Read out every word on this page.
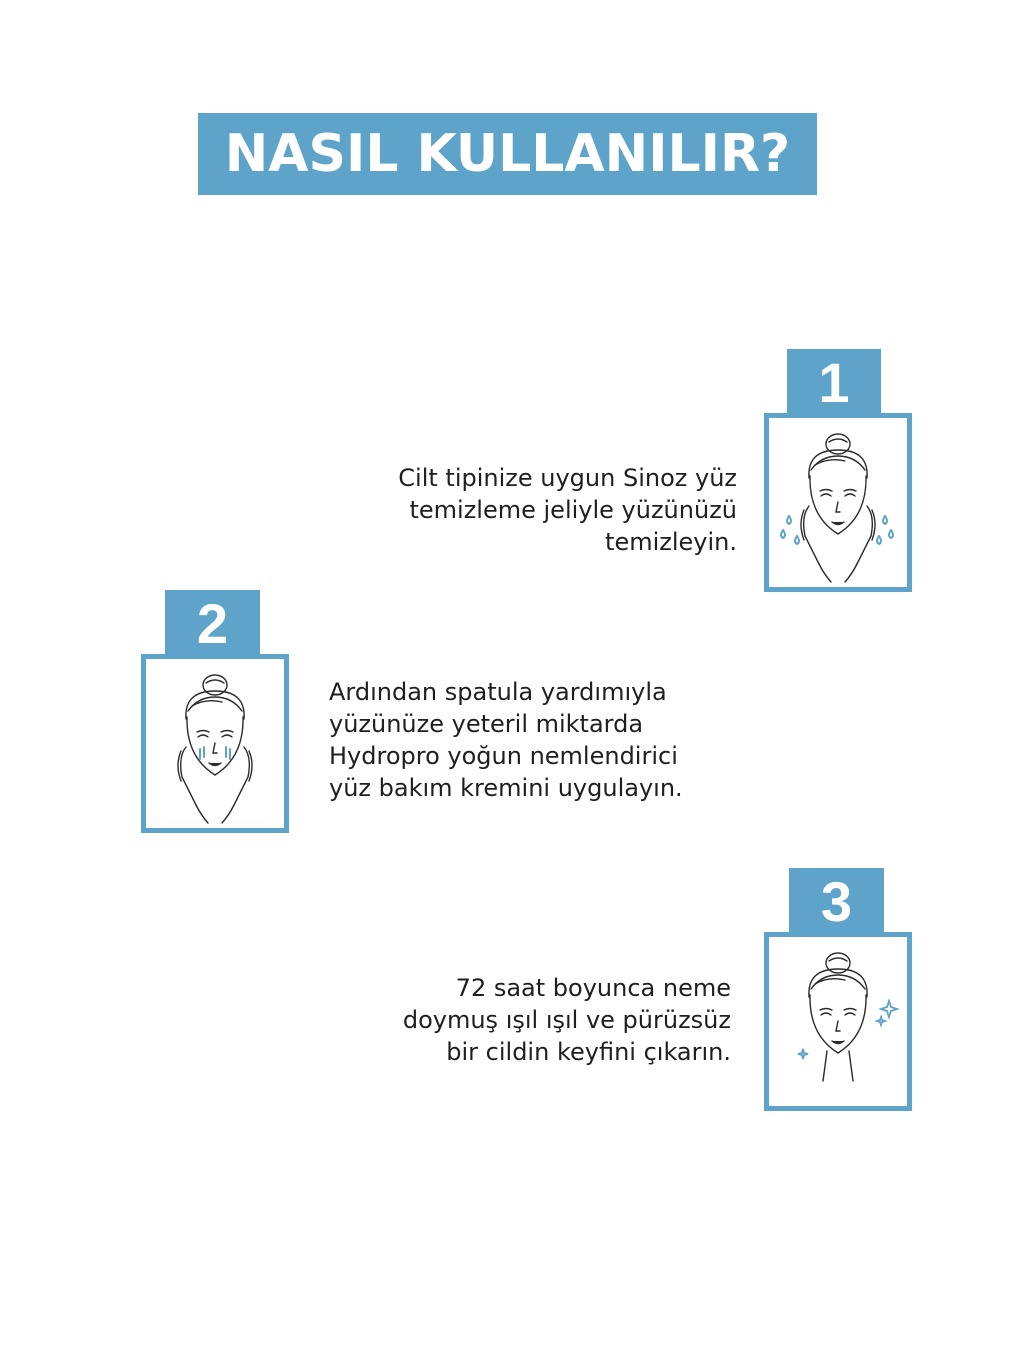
NASIL KULLANILIR?
1
Cilt tipinize uygun Sinoz yüz
temizleme jeliyle yüzünüzü
temizleyin.
2
Ardından spatula yardımıyla
yüzünüze yeteril miktarda
Hydropro yoğun nemlendirici
yüz bakım kremini uygulayın.
3
72 saat boyunca neme
doymuş ışıl ışıl ve pürüzsüz
bir cildin keyfini çıkarın.
